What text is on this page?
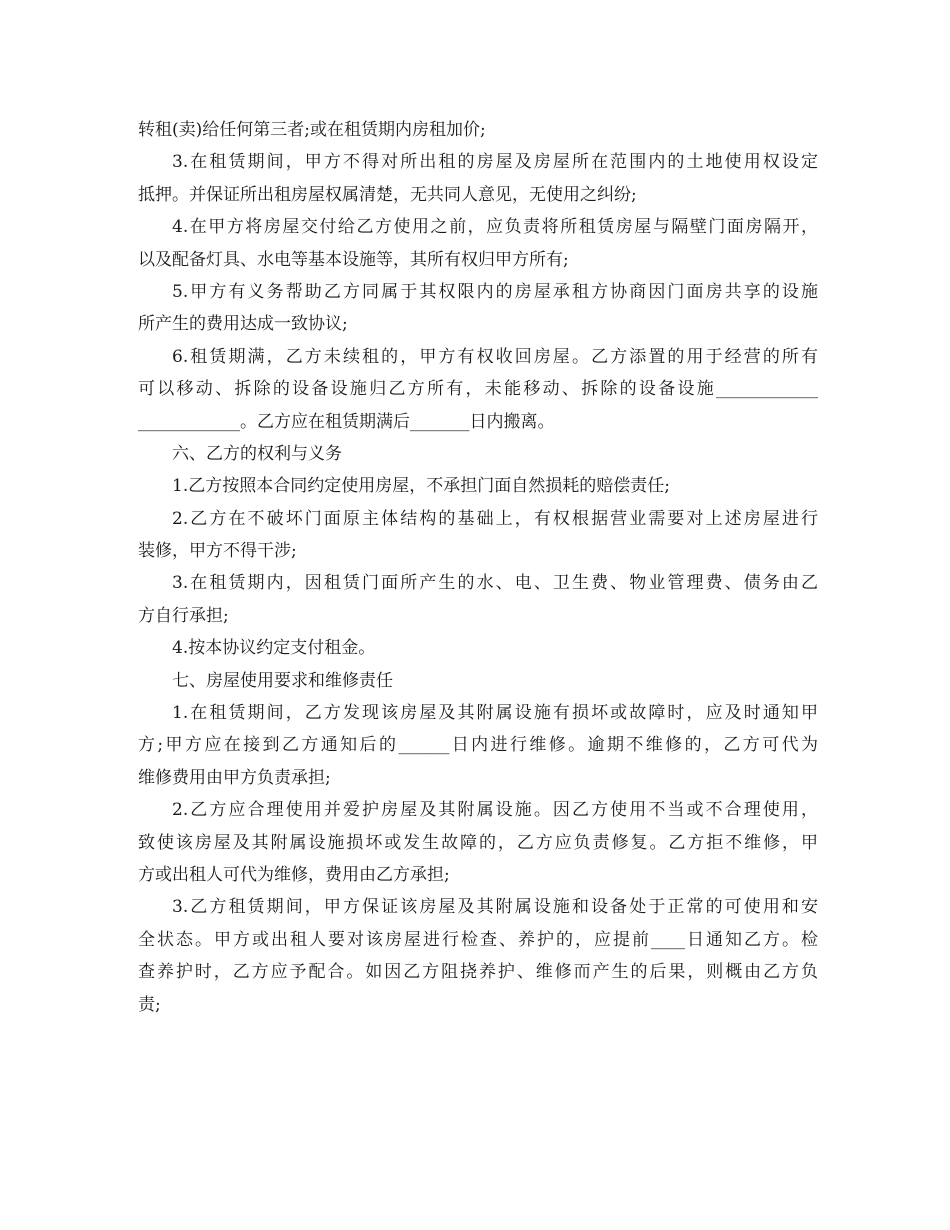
转租(卖)给任何第三者;或在租赁期内房租加价;
3.在租赁期间，甲方不得对所出租的房屋及房屋所在范围内的土地使用权设定
抵押。并保证所出租房屋权属清楚，无共同人意见，无使用之纠纷;
4.在甲方将房屋交付给乙方使用之前，应负责将所租赁房屋与隔壁门面房隔开，
以及配备灯具、水电等基本设施等，其所有权归甲方所有;
5.甲方有义务帮助乙方同属于其权限内的房屋承租方协商因门面房共享的设施
所产生的费用达成一致协议;
6.租赁期满，乙方未续租的，甲方有权收回房屋。乙方添置的用于经营的所有
可以移动、拆除的设备设施归乙方所有，未能移动、拆除的设备设施____________
____________。乙方应在租赁期满后_______日内搬离。
六、乙方的权利与义务
1.乙方按照本合同约定使用房屋，不承担门面自然损耗的赔偿责任;
2.乙方在不破坏门面原主体结构的基础上，有权根据营业需要对上述房屋进行
装修，甲方不得干涉;
3.在租赁期内，因租赁门面所产生的水、电、卫生费、物业管理费、债务由乙
方自行承担;
4.按本协议约定支付租金。
七、房屋使用要求和维修责任
1.在租赁期间，乙方发现该房屋及其附属设施有损坏或故障时，应及时通知甲
方;甲方应在接到乙方通知后的______日内进行维修。逾期不维修的，乙方可代为
维修费用由甲方负责承担;
2.乙方应合理使用并爱护房屋及其附属设施。因乙方使用不当或不合理使用，
致使该房屋及其附属设施损坏或发生故障的，乙方应负责修复。乙方拒不维修，甲
方或出租人可代为维修，费用由乙方承担;
3.乙方租赁期间，甲方保证该房屋及其附属设施和设备处于正常的可使用和安
全状态。甲方或出租人要对该房屋进行检查、养护的，应提前____日通知乙方。检
查养护时，乙方应予配合。如因乙方阻挠养护、维修而产生的后果，则概由乙方负
责;
